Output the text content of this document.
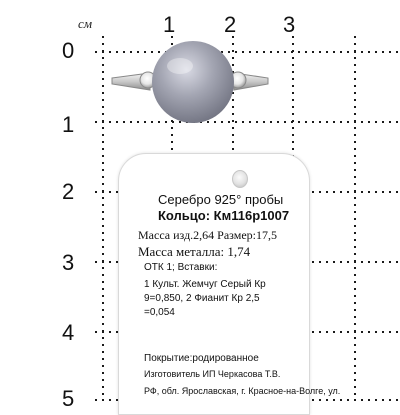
см	1 2 3
0
1
2
3
4
5
Серебро 925° пробы
Кольцо: Км116р1007
Масса изд.2,64 Размер:17,5
Масса металла: 1,74
ОТК 1; Вставки:
1 Культ. Жемчуг Серый Кр
9=0,850, 2 Фианит Кр 2,5
=0,054
Покрытие:родированное
Изготовитель ИП Черкасова Т.В.
РФ, обл. Ярославская, г. Красное-на-Волге, ул.
